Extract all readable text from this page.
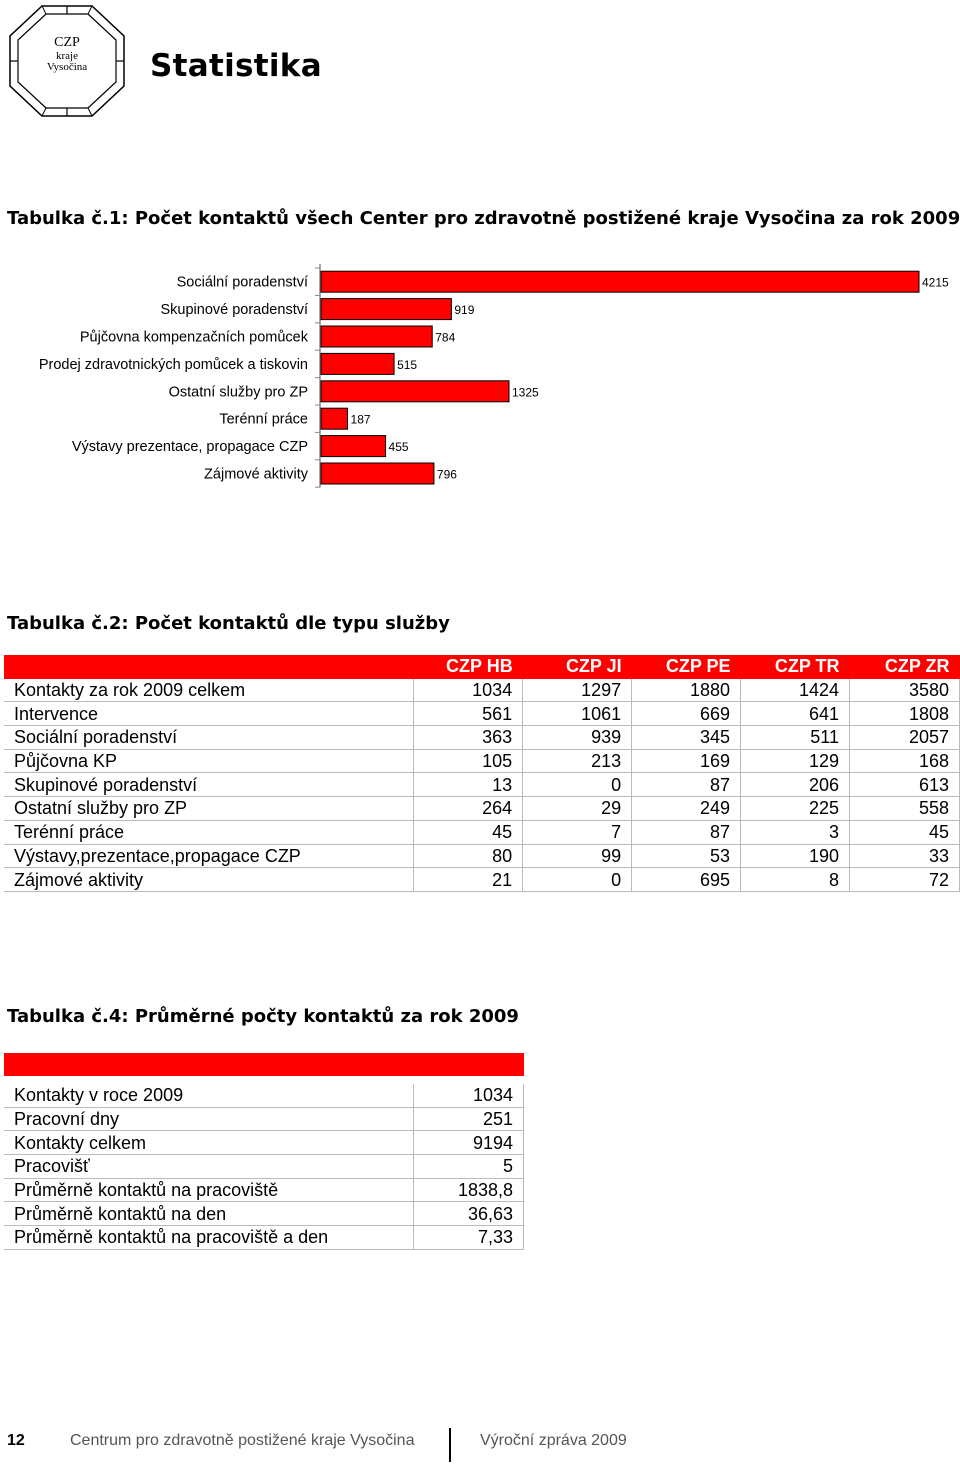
CZP
kraje
Vysočina	Statistika
Tabulka č.1: Počet kontaktů všech Center pro zdravotně postižené kraje Vysočina za rok 2009
Sociální poradenství	4215
Skupinové poradenství	919
Půjčovna kompenzačních pomůcek	784
Prodej zdravotnických pomůcek a tiskovin	515
Ostatní služby pro ZP	1325
Terénní práce	187
Výstavy prezentace, propagace CZP	455
Zájmové aktivity	796
Tabulka č.2: Počet kontaktů dle typu služby
	CZP HB	CZP JI	CZP PE	CZP TR	CZP ZR
Kontakty za rok 2009 celkem	1034	1297	1880	1424	3580
Intervence	561	1061	669	641	1808
Sociální poradenství	363	939	345	511	2057
Půjčovna KP	105	213	169	129	168
Skupinové poradenství	13	0	87	206	613
Ostatní služby pro ZP	264	29	249	225	558
Terénní práce	45	7	87	3	45
Výstavy,prezentace,propagace CZP	80	99	53	190	33
Zájmové aktivity	21	0	695	8	72
Tabulka č.4: Průměrné počty kontaktů za rok 2009

Kontakty v roce 2009	1034
Pracovní dny	251
Kontakty celkem	9194
Pracovišť	5
Průměrně kontaktů na pracoviště	1838,8
Průměrně kontaktů na den	36,63
Průměrně kontaktů na pracoviště a den	7,33
12	Centrum pro zdravotně postižené kraje Vysočina	Výroční zpráva 2009
